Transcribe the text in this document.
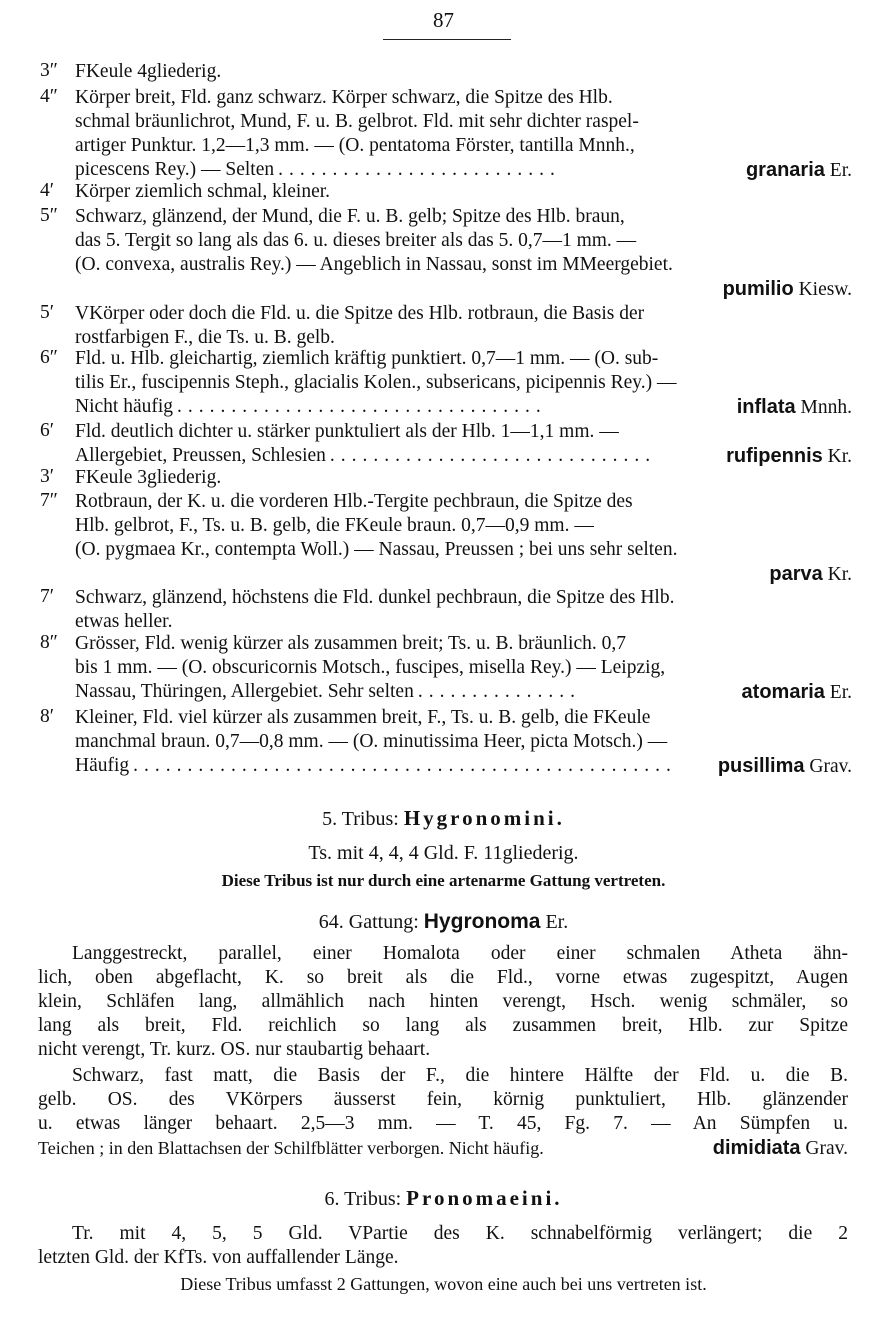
87
3″ FKeule 4gliederig.
4″ Körper breit, Fld. ganz schwarz. Körper schwarz, die Spitze des Hlb.
schmal bräunlichrot, Mund, F. u. B. gelbrot. Fld. mit sehr dichter raspel-
artiger Punktur. 1,2—1,3 mm. — (O. pentatoma Förster, tantilla Mnnh.,
picescens Rey.) — Selten ..........................	granaria Er.
4′ Körper ziemlich schmal, kleiner.
5″ Schwarz, glänzend, der Mund, die F. u. B. gelb; Spitze des Hlb. braun,
das 5. Tergit so lang als das 6. u. dieses breiter als das 5. 0,7—1 mm. —
(O. convexa, australis Rey.) — Angeblich in Nassau, sonst im MMeergebiet.
pumilio Kiesw.
5′ VKörper oder doch die Fld. u. die Spitze des Hlb. rotbraun, die Basis der
rostfarbigen F., die Ts. u. B. gelb.
6″ Fld. u. Hlb. gleichartig, ziemlich kräftig punktiert. 0,7—1 mm. — (O. sub-
tilis Er., fuscipennis Steph., glacialis Kolen., subsericans, picipennis Rey.) —
Nicht häufig ..................................	inflata Mnnh.
6′ Fld. deutlich dichter u. stärker punktuliert als der Hlb. 1—1,1 mm. —
Allergebiet, Preussen, Schlesien ..............................	rufipennis Kr.
3′ FKeule 3gliederig.
7″ Rotbraun, der K. u. die vorderen Hlb.-Tergite pechbraun, die Spitze des
Hlb. gelbrot, F., Ts. u. B. gelb, die FKeule braun. 0,7—0,9 mm. —
(O. pygmaea Kr., contempta Woll.) — Nassau, Preussen ; bei uns sehr selten.
parva Kr.
7′ Schwarz, glänzend, höchstens die Fld. dunkel pechbraun, die Spitze des Hlb.
etwas heller.
8″ Grösser, Fld. wenig kürzer als zusammen breit; Ts. u. B. bräunlich. 0,7
bis 1 mm. — (O. obscuricornis Motsch., fuscipes, misella Rey.) — Leipzig,
Nassau, Thüringen, Allergebiet. Sehr selten ...............	atomaria Er.
8′ Kleiner, Fld. viel kürzer als zusammen breit, F., Ts. u. B. gelb, die FKeule
manchmal braun. 0,7—0,8 mm. — (O. minutissima Heer, picta Motsch.) —
Häufig ..................................................	pusillima Grav.
5. Tribus: Hygronomini.
Ts. mit 4, 4, 4 Gld. F. 11gliederig.
Diese Tribus ist nur durch eine artenarme Gattung vertreten.
64. Gattung: Hygronoma Er.
Langgestreckt, parallel, einer Homalota oder einer schmalen Atheta ähn-
lich, oben abgeflacht, K. so breit als die Fld., vorne etwas zugespitzt, Augen
klein, Schläfen lang, allmählich nach hinten verengt, Hsch. wenig schmäler, so
lang als breit, Fld. reichlich so lang als zusammen breit, Hlb. zur Spitze
nicht verengt, Tr. kurz. OS. nur staubartig behaart.
Schwarz, fast matt, die Basis der F., die hintere Hälfte der Fld. u. die B.
gelb. OS. des VKörpers äusserst fein, körnig punktuliert, Hlb. glänzender
u. etwas länger behaart. 2,5—3 mm. — T. 45, Fg. 7. — An Sümpfen u.
Teichen ; in den Blattachsen der Schilfblätter verborgen. Nicht häufig.	dimidiata Grav.
6. Tribus: Pronomaeini.
Tr. mit 4, 5, 5 Gld. VPartie des K. schnabelförmig verlängert; die 2
letzten Gld. der KfTs. von auffallender Länge.
Diese Tribus umfasst 2 Gattungen, wovon eine auch bei uns vertreten ist.
